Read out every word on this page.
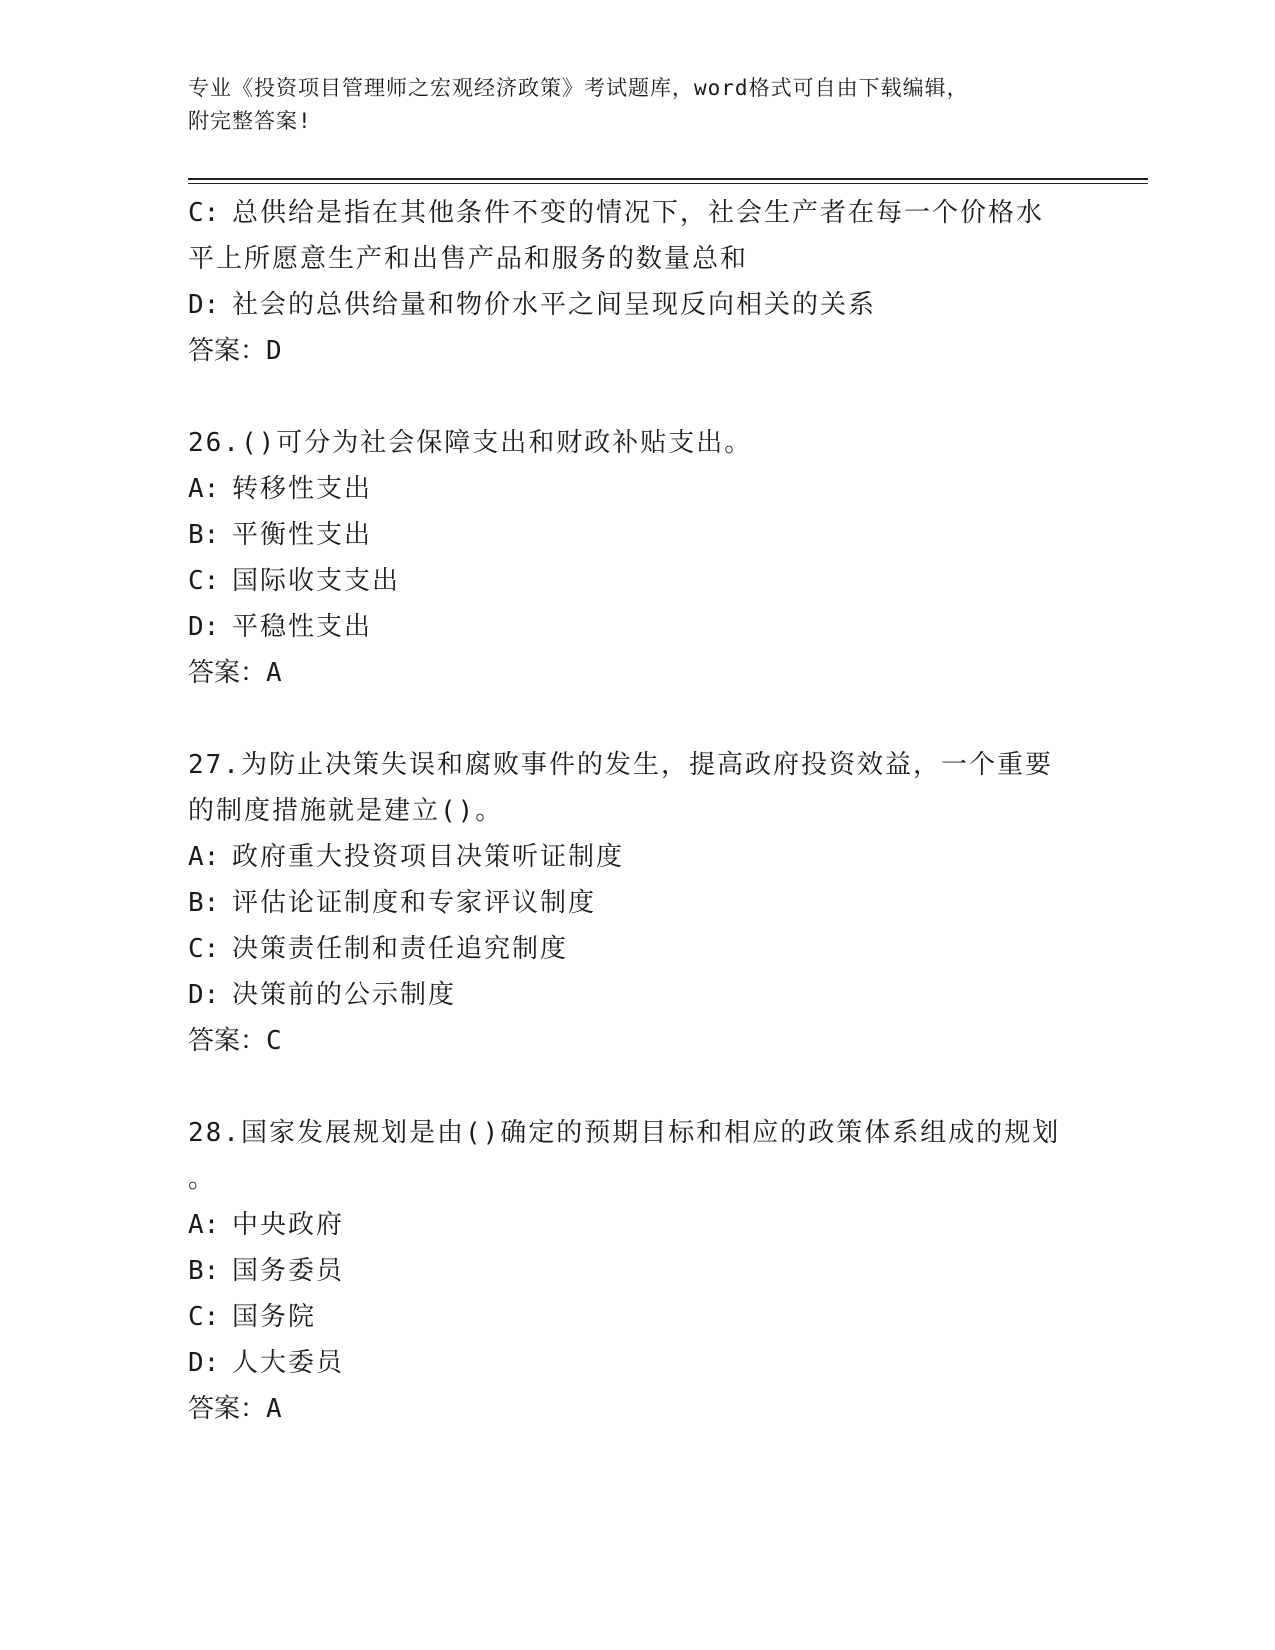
专业《投资项目管理师之宏观经济政策》考试题库，word格式可自由下载编辑，
附完整答案!
C: 总供给是指在其他条件不变的情况下，社会生产者在每一个价格水
平上所愿意生产和出售产品和服务的数量总和
D: 社会的总供给量和物价水平之间呈现反向相关的关系
答案：D
26.()可分为社会保障支出和财政补贴支出。
A: 转移性支出
B: 平衡性支出
C: 国际收支支出
D: 平稳性支出
答案：A
27.为防止决策失误和腐败事件的发生，提高政府投资效益，一个重要
的制度措施就是建立()。
A: 政府重大投资项目决策听证制度
B: 评估论证制度和专家评议制度
C: 决策责任制和责任追究制度
D: 决策前的公示制度
答案：C
28.国家发展规划是由()确定的预期目标和相应的政策体系组成的规划
。
A: 中央政府
B: 国务委员
C: 国务院
D: 人大委员
答案：A
